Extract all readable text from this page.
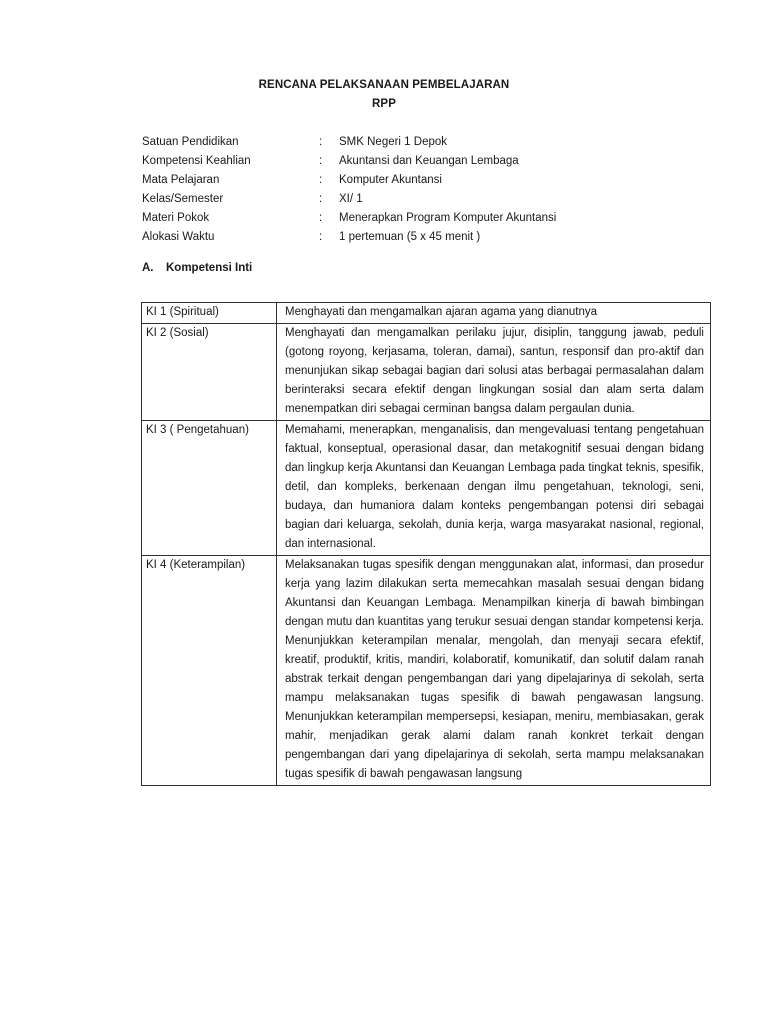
RENCANA PELAKSANAAN PEMBELAJARAN
RPP
Satuan Pendidikan	: SMK Negeri 1 Depok
Kompetensi Keahlian	: Akuntansi dan Keuangan Lembaga
Mata Pelajaran	: Komputer Akuntansi
Kelas/Semester	: XI/ 1
Materi Pokok	: Menerapkan Program Komputer Akuntansi
Alokasi Waktu	: 1 pertemuan (5 x 45 menit )
A. Kompetensi Inti
KI 1 (Spiritual)	Menghayati dan mengamalkan ajaran agama yang dianutnya
KI 2 (Sosial)	Menghayati dan mengamalkan perilaku jujur, disiplin, tanggung jawab, peduli (gotong royong, kerjasama, toleran, damai), santun, responsif dan pro-aktif dan menunjukan sikap sebagai bagian dari solusi atas berbagai permasalahan dalam berinteraksi secara efektif dengan lingkungan sosial dan alam serta dalam menempatkan diri sebagai cerminan bangsa dalam pergaulan dunia.
KI 3 ( Pengetahuan)	Memahami, menerapkan, menganalisis, dan mengevaluasi tentang pengetahuan faktual, konseptual, operasional dasar, dan metakognitif sesuai dengan bidang dan lingkup kerja Akuntansi dan Keuangan Lembaga pada tingkat teknis, spesifik, detil, dan kompleks, berkenaan dengan ilmu pengetahuan, teknologi, seni, budaya, dan humaniora dalam konteks pengembangan potensi diri sebagai bagian dari keluarga, sekolah, dunia kerja, warga masyarakat nasional, regional, dan internasional.
KI 4 (Keterampilan)	Melaksanakan tugas spesifik dengan menggunakan alat, informasi, dan prosedur kerja yang lazim dilakukan serta memecahkan masalah sesuai dengan bidang Akuntansi dan Keuangan Lembaga. Menampilkan kinerja di bawah bimbingan dengan mutu dan kuantitas yang terukur sesuai dengan standar kompetensi kerja. Menunjukkan keterampilan menalar, mengolah, dan menyaji secara efektif, kreatif, produktif, kritis, mandiri, kolaboratif, komunikatif, dan solutif dalam ranah abstrak terkait dengan pengembangan dari yang dipelajarinya di sekolah, serta mampu melaksanakan tugas spesifik di bawah pengawasan langsung. Menunjukkan keterampilan mempersepsi, kesiapan, meniru, membiasakan, gerak mahir, menjadikan gerak alami dalam ranah konkret terkait dengan pengembangan dari yang dipelajarinya di sekolah, serta mampu melaksanakan tugas spesifik di bawah pengawasan langsung
